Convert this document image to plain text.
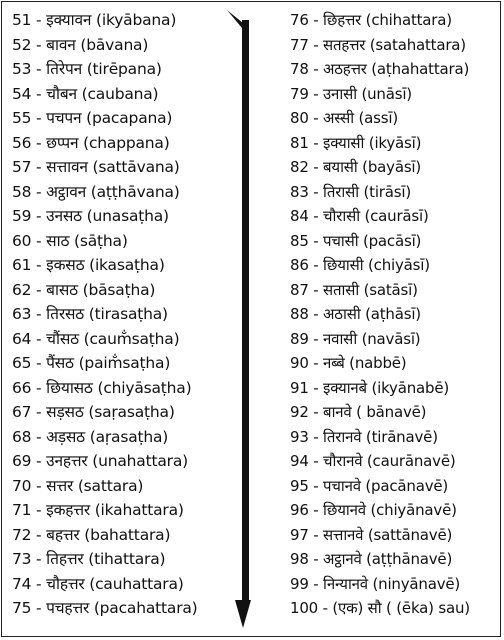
51 - इक्यावन (ikyābana)
52 - बावन (bāvana)
53 - तिरेपन (tirēpana)
54 - चौबन (caubana)
55 - पचपन (pacapana)
56 - छप्पन (chappana)
57 - सत्तावन (sattāvana)
58 - अट्ठावन (aṭṭhāvana)
59 - उनसठ (unasaṭha)
60 - साठ (sāṭha)
61 - इकसठ (ikasaṭha)
62 - बासठ (bāsaṭha)
63 - तिरसठ (tirasaṭha)
64 - चौंसठ (caum̐saṭha)
65 - पैंसठ (paim̐saṭha)
66 - छियासठ (chiyāsaṭha)
67 - सड़सठ (saṛasaṭha)
68 - अड़सठ (aṛasaṭha)
69 - उनहत्तर (unahattara)
70 - सत्तर (sattara)
71 - इकहत्तर (ikahattara)
72 - बहत्तर (bahattara)
73 - तिहत्तर (tihattara)
74 - चौहत्तर (cauhattara)
75 - पचहत्तर (pacahattara)
76 - छिहत्तर (chihattara)
77 - सतहत्तर (satahattara)
78 - अठहत्तर (aṭhahattara)
79 - उनासी (unāsī)
80 - अस्सी (assī)
81 - इक्यासी (ikyāsī)
82 - बयासी (bayāsī)
83 - तिरासी (tirāsī)
84 - चौरासी (caurāsī)
85 - पचासी (pacāsī)
86 - छियासी (chiyāsī)
87 - सतासी (satāsī)
88 - अठासी (aṭhāsī)
89 - नवासी (navāsī)
90 - नब्बे (nabbē)
91 - इक्यानबे (ikyānabē)
92 - बानवे ( bānavē)
93 - तिरानवे (tirānavē)
94 - चौरानवे (caurānavē)
95 - पचानवे (pacānavē)
96 - छियानवे (chiyānavē)
97 - सत्तानवे (sattānavē)
98 - अट्ठानवे (aṭṭhānavē)
99 - निन्यानवे (ninyānavē)
100 - (एक) सौ ( (ēka) sau)
